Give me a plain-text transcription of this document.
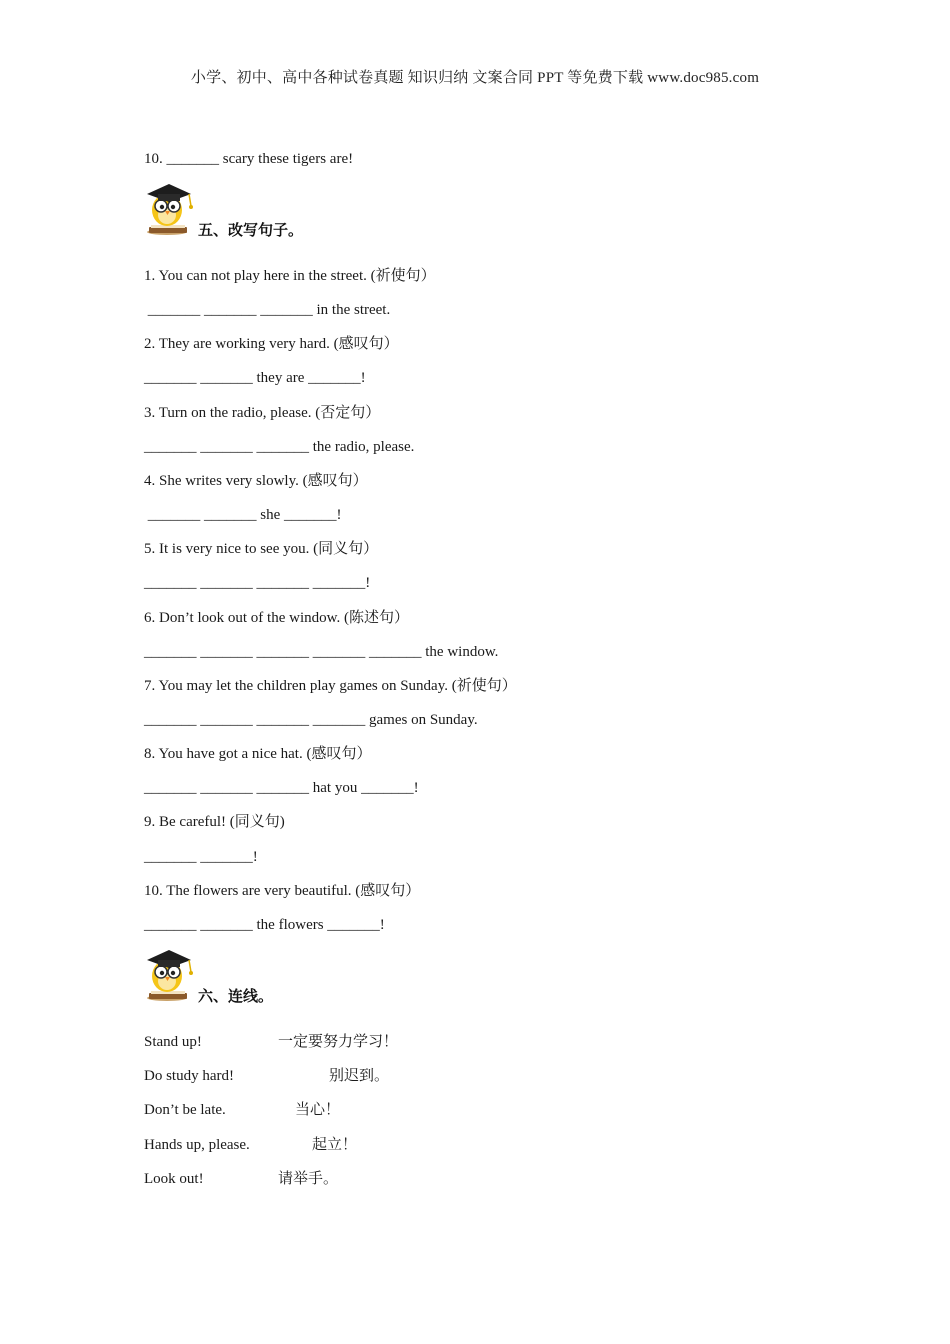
小学、初中、高中各种试卷真题 知识归纳 文案合同 PPT 等免费下载 www.doc985.com
10. _______ scary these tigers are!
五、改写句子。
1. You can not play here in the street. (祈使句）
_______ _______ _______ in the street.
2. They are working very hard. (感叹句）
_______ _______ they are _______!
3. Turn on the radio, please. (否定句）
_______ _______ _______ the radio, please.
4. She writes very slowly. (感叹句）
_______ _______ she _______!
5. It is very nice to see you. (同义句）
_______ _______ _______ _______!
6. Don’t look out of the window. (陈述句）
_______ _______ _______ _______ _______ the window.
7. You may let the children play games on Sunday. (祈使句）
_______ _______ _______ _______ games on Sunday.
8. You have got a nice hat. (感叹句）
_______ _______ _______ hat you _______!
9. Be careful! (同义句)
_______ _______!
10. The flowers are very beautiful. (感叹句）
_______ _______ the flowers _______!
六、连线。
Stand up!	一定要努力学习！
Do study hard!	别迟到。
Don’t be late.	当心！
Hands up, please.	起立！
Look out!	请举手。
